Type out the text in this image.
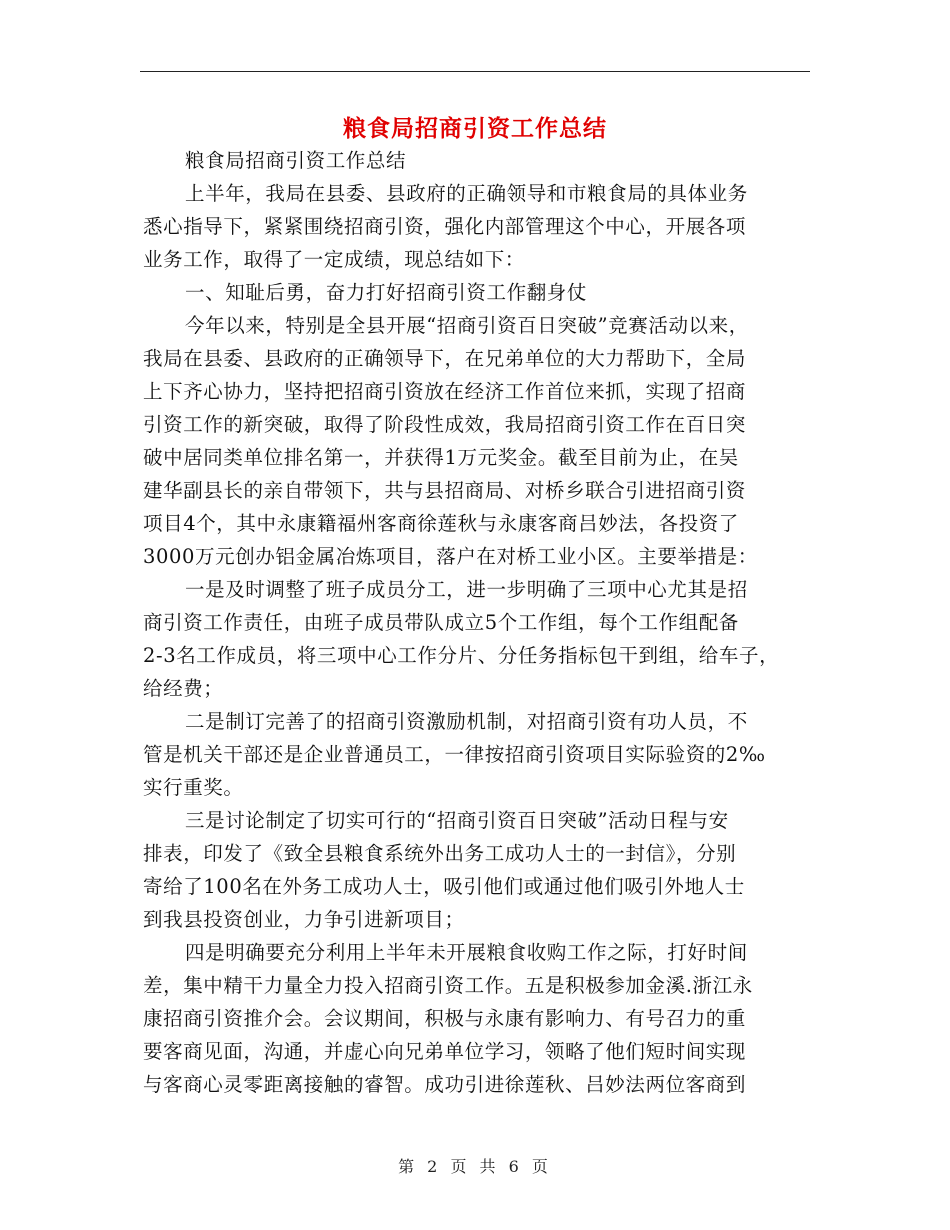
粮食局招商引资工作总结
粮食局招商引资工作总结
上半年，我局在县委、县政府的正确领导和市粮食局的具体业务
悉心指导下，紧紧围绕招商引资，强化内部管理这个中心，开展各项
业务工作，取得了一定成绩，现总结如下：
一、知耻后勇，奋力打好招商引资工作翻身仗
今年以来，特别是全县开展“招商引资百日突破”竞赛活动以来，
我局在县委、县政府的正确领导下，在兄弟单位的大力帮助下，全局
上下齐心协力，坚持把招商引资放在经济工作首位来抓，实现了招商
引资工作的新突破，取得了阶段性成效，我局招商引资工作在百日突
破中居同类单位排名第一，并获得1万元奖金。截至目前为止，在吴
建华副县长的亲自带领下，共与县招商局、对桥乡联合引进招商引资
项目4个，其中永康籍福州客商徐莲秋与永康客商吕妙法，各投资了
3000万元创办铝金属冶炼项目，落户在对桥工业小区。主要举措是：
一是及时调整了班子成员分工，进一步明确了三项中心尤其是招
商引资工作责任，由班子成员带队成立5个工作组，每个工作组配备
2-3名工作成员，将三项中心工作分片、分任务指标包干到组，给车子，
给经费；
二是制订完善了的招商引资激励机制，对招商引资有功人员，不
管是机关干部还是企业普通员工，一律按招商引资项目实际验资的2‰
实行重奖。
三是讨论制定了切实可行的“招商引资百日突破”活动日程与安
排表，印发了《致全县粮食系统外出务工成功人士的一封信》，分别
寄给了100名在外务工成功人士，吸引他们或通过他们吸引外地人士
到我县投资创业，力争引进新项目；
四是明确要充分利用上半年未开展粮食收购工作之际，打好时间
差，集中精干力量全力投入招商引资工作。五是积极参加金溪.浙江永
康招商引资推介会。会议期间，积极与永康有影响力、有号召力的重
要客商见面，沟通，并虚心向兄弟单位学习，领略了他们短时间实现
与客商心灵零距离接触的睿智。成功引进徐莲秋、吕妙法两位客商到
第 2 页 共 6 页
